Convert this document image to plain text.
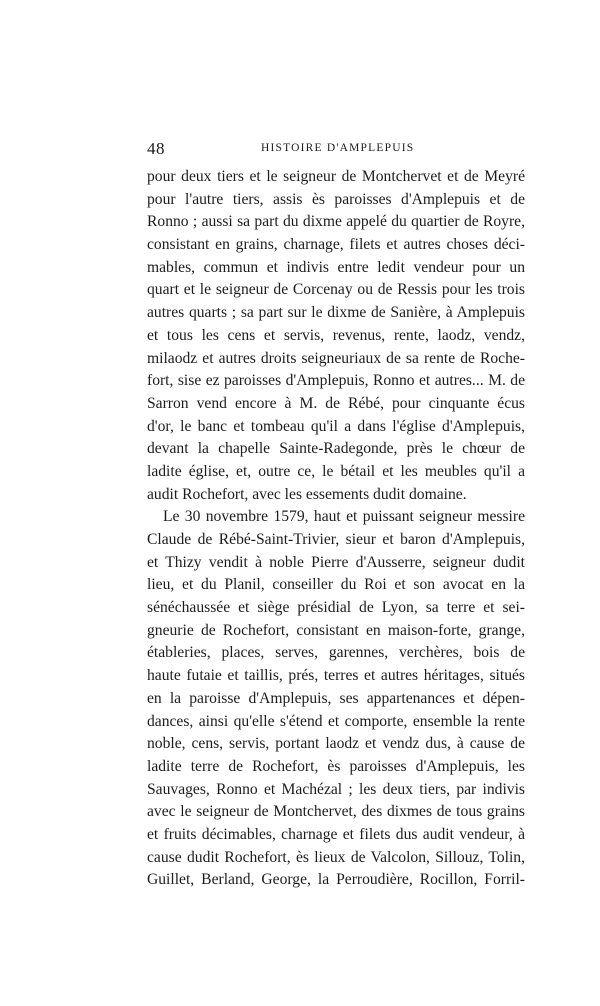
48	HISTOIRE D'AMPLEPUIS
pour deux tiers et le seigneur de Montchervet et de Meyré
pour l'autre tiers, assis ès paroisses d'Amplepuis et de
Ronno ; aussi sa part du dixme appelé du quartier de Royre,
consistant en grains, charnage, filets et autres choses déci-
mables, commun et indivis entre ledit vendeur pour un
quart et le seigneur de Corcenay ou de Ressis pour les trois
autres quarts ; sa part sur le dixme de Sanière, à Amplepuis
et tous les cens et servis, revenus, rente, laodz, vendz,
milaodz et autres droits seigneuriaux de sa rente de Roche-
fort, sise ez paroisses d'Amplepuis, Ronno et autres... M. de
Sarron vend encore à M. de Rébé, pour cinquante écus
d'or, le banc et tombeau qu'il a dans l'église d'Amplepuis,
devant la chapelle Sainte-Radegonde, près le chœur de
ladite église, et, outre ce, le bétail et les meubles qu'il a
audit Rochefort, avec les essements dudit domaine.
Le 30 novembre 1579, haut et puissant seigneur messire
Claude de Rébé-Saint-Trivier, sieur et baron d'Amplepuis,
et Thizy vendit à noble Pierre d'Ausserre, seigneur dudit
lieu, et du Planil, conseiller du Roi et son avocat en la
sénéchaussée et siège présidial de Lyon, sa terre et sei-
gneurie de Rochefort, consistant en maison-forte, grange,
étableries, places, serves, garennes, verchères, bois de
haute futaie et taillis, prés, terres et autres héritages, situés
en la paroisse d'Amplepuis, ses appartenances et dépen-
dances, ainsi qu'elle s'étend et comporte, ensemble la rente
noble, cens, servis, portant laodz et vendz dus, à cause de
ladite terre de Rochefort, ès paroisses d'Amplepuis, les
Sauvages, Ronno et Machézal ; les deux tiers, par indivis
avec le seigneur de Montchervet, des dixmes de tous grains
et fruits décimables, charnage et filets dus audit vendeur, à
cause dudit Rochefort, ès lieux de Valcolon, Sillouz, Tolin,
Guillet, Berland, George, la Perroudière, Rocillon, Forril-
